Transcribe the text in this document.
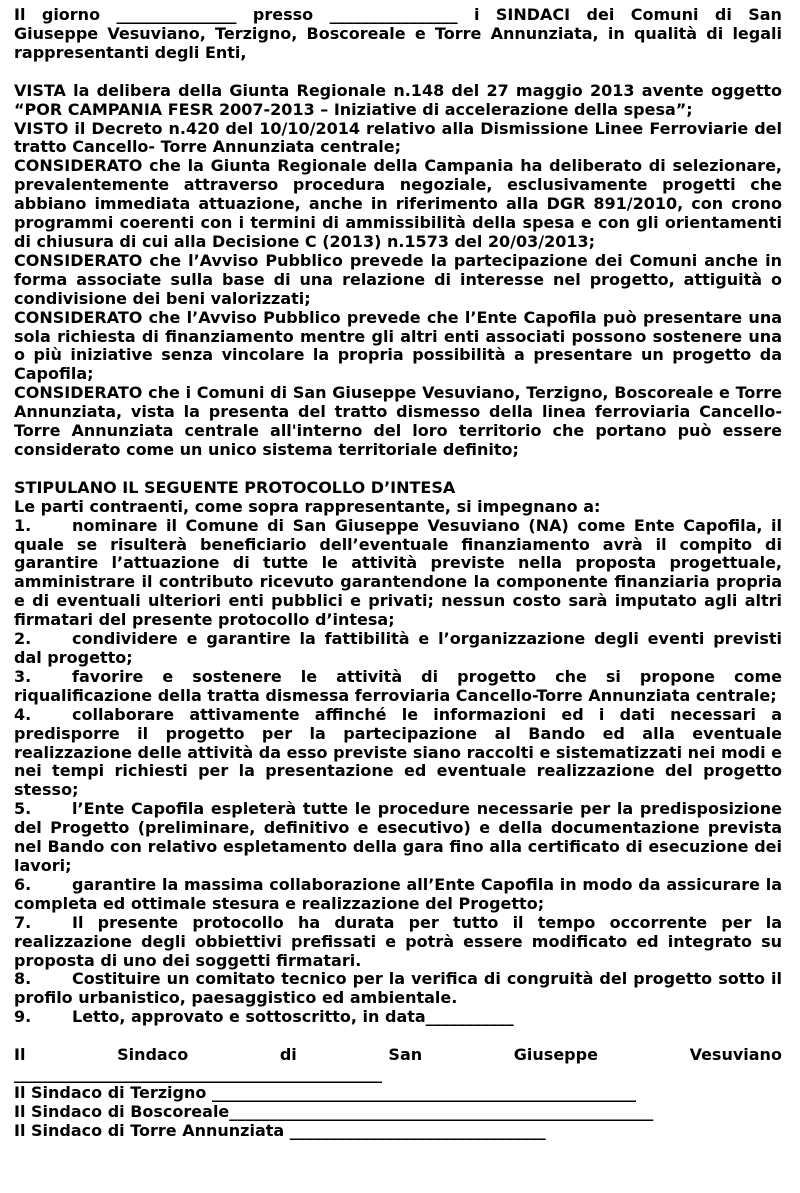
Il giorno _______________ presso ________________ i SINDACI dei Comuni di San

Giuseppe Vesuviano, Terzigno, Boscoreale e Torre Annunziata, in qualità di legali rappresentanti degli Enti,

VISTA la delibera della Giunta Regionale n.148 del 27 maggio 2013 avente oggetto “POR CAMPANIA FESR 2007-2013 – Iniziative di accelerazione della spesa”;

VISTO il Decreto n.420 del 10/10/2014 relativo alla Dismissione Linee Ferroviarie del tratto Cancello- Torre Annunziata centrale;

CONSIDERATO che la Giunta Regionale della Campania ha deliberato di selezionare, prevalentemente attraverso procedura negoziale, esclusivamente progetti che abbiano immediata attuazione, anche in riferimento alla DGR 891/2010, con crono programmi coerenti con i termini di ammissibilità della spesa e con gli orientamenti di chiusura di cui alla Decisione C (2013) n.1573 del 20/03/2013;

CONSIDERATO che l’Avviso Pubblico prevede la partecipazione dei Comuni anche in forma associate sulla base di una relazione di interesse nel progetto, attiguità o condivisione dei beni valorizzati;

CONSIDERATO che l’Avviso Pubblico prevede che l’Ente Capofila può presentare una sola richiesta di finanziamento mentre gli altri enti associati possono sostenere una o più iniziative senza vincolare la propria possibilità a presentare un progetto da Capofila;

CONSIDERATO che i Comuni di San Giuseppe Vesuviano, Terzigno, Boscoreale e Torre Annunziata, vista la presenta del tratto dismesso della linea ferroviaria Cancello-Torre Annunziata centrale all'interno del loro territorio che portano può essere considerato come un unico sistema territoriale definito;

STIPULANO IL SEGUENTE PROTOCOLLO D’INTESA

Le parti contraenti, come sopra rappresentante, si impegnano a:

1.	nominare il Comune di San Giuseppe Vesuviano (NA) come Ente Capofila, il quale se risulterà beneficiario dell’eventuale finanziamento avrà il compito di garantire l’attuazione di tutte le attività previste nella proposta progettuale, amministrare il contributo ricevuto garantendone la componente finanziaria propria e di eventuali ulteriori enti pubblici e privati; nessun costo sarà imputato agli altri firmatari del presente protocollo d’intesa;

2.	condividere e garantire la fattibilità e l’organizzazione degli eventi previsti dal progetto;

3.	favorire e sostenere le attività di progetto che si propone come riqualificazione della tratta dismessa ferroviaria Cancello-Torre Annunziata centrale;

4.	collaborare attivamente affinché le informazioni ed i dati necessari a predisporre il progetto per la partecipazione al Bando ed alla eventuale realizzazione delle attività da esso previste siano raccolti e sistematizzati nei modi e nei tempi richiesti per la presentazione ed eventuale realizzazione del progetto stesso;

5.	l’Ente Capofila espleterà tutte le procedure necessarie per la predisposizione del Progetto (preliminare, definitivo e esecutivo) e della documentazione prevista nel Bando con relativo espletamento della gara fino alla certificato di esecuzione dei lavori;

6.	garantire la massima collaborazione all’Ente Capofila in modo da assicurare la completa ed ottimale stesura e realizzazione del Progetto;

7.	Il presente protocollo ha durata per tutto il tempo occorrente per la realizzazione degli obbiettivi prefissati e potrà essere modificato ed integrato su proposta di uno dei soggetti firmatari.

8.	Costituire un comitato tecnico per la verifica di congruità del progetto sotto il profilo urbanistico, paesaggistico ed ambientale.

9.	Letto, approvato e sottoscritto, in data___________

Il	Sindaco	di	San	Giuseppe	Vesuviano

______________________________________________

Il Sindaco di Terzigno _____________________________________________________

Il Sindaco di Boscoreale_____________________________________________________

Il Sindaco di Torre Annunziata ________________________________
